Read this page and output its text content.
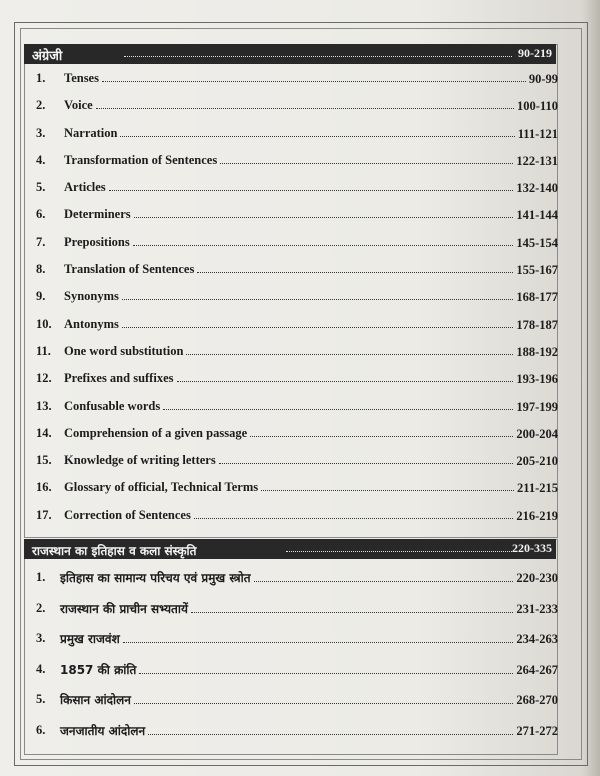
अंग्रेजी	90-219
1. Tenses	90-99
2. Voice	100-110
3. Narration	111-121
4. Transformation of Sentences	122-131
5. Articles	132-140
6. Determiners	141-144
7. Prepositions	145-154
8. Translation of Sentences	155-167
9. Synonyms	168-177
10. Antonyms	178-187
11. One word substitution	188-192
12. Prefixes and suffixes	193-196
13. Confusable words	197-199
14. Comprehension of a given passage	200-204
15. Knowledge of writing letters	205-210
16. Glossary of official, Technical Terms	211-215
17. Correction of Sentences	216-219
राजस्थान का इतिहास व कला संस्कृति	220-335
1. इतिहास का सामान्य परिचय एवं प्रमुख स्त्रोत	220-230
2. राजस्थान की प्राचीन सभ्यतायें	231-233
3. प्रमुख राजवंश	234-263
4. 1857 की क्रांति	264-267
5. किसान आंदोलन	268-270
6. जनजातीय आंदोलन	271-272
